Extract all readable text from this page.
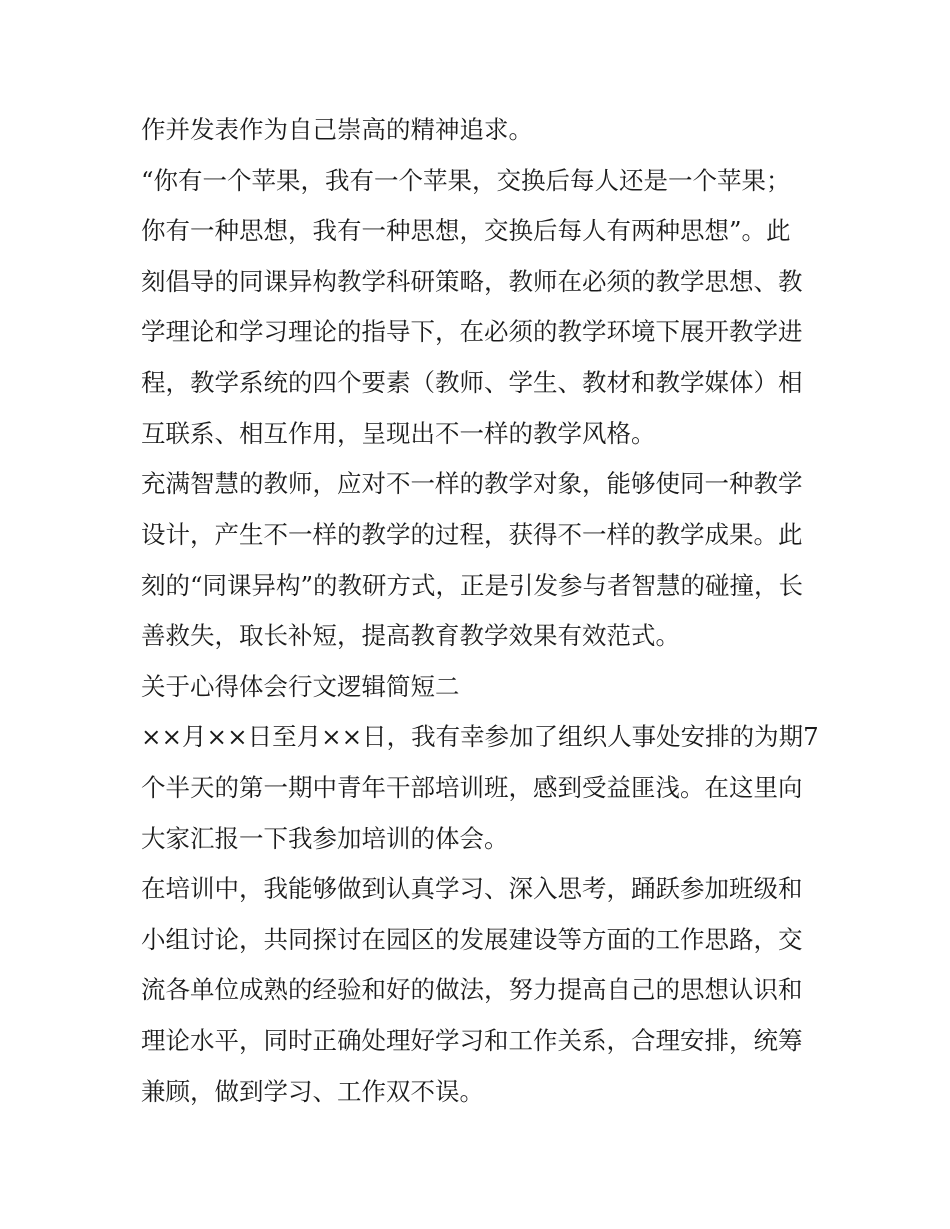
作并发表作为自己崇高的精神追求。
“你有一个苹果，我有一个苹果，交换后每人还是一个苹果；
你有一种思想，我有一种思想，交换后每人有两种思想”。此
刻倡导的同课异构教学科研策略，教师在必须的教学思想、教
学理论和学习理论的指导下，在必须的教学环境下展开教学进
程，教学系统的四个要素（教师、学生、教材和教学媒体）相
互联系、相互作用，呈现出不一样的教学风格。
充满智慧的教师，应对不一样的教学对象，能够使同一种教学
设计，产生不一样的教学的过程，获得不一样的教学成果。此
刻的“同课异构”的教研方式，正是引发参与者智慧的碰撞，长
善救失，取长补短，提高教育教学效果有效范式。
关于心得体会行文逻辑简短二
××月××日至月××日，我有幸参加了组织人事处安排的为期7
个半天的第一期中青年干部培训班，感到受益匪浅。在这里向
大家汇报一下我参加培训的体会。
在培训中，我能够做到认真学习、深入思考，踊跃参加班级和
小组讨论，共同探讨在园区的发展建设等方面的工作思路，交
流各单位成熟的经验和好的做法，努力提高自己的思想认识和
理论水平，同时正确处理好学习和工作关系，合理安排，统筹
兼顾，做到学习、工作双不误。
